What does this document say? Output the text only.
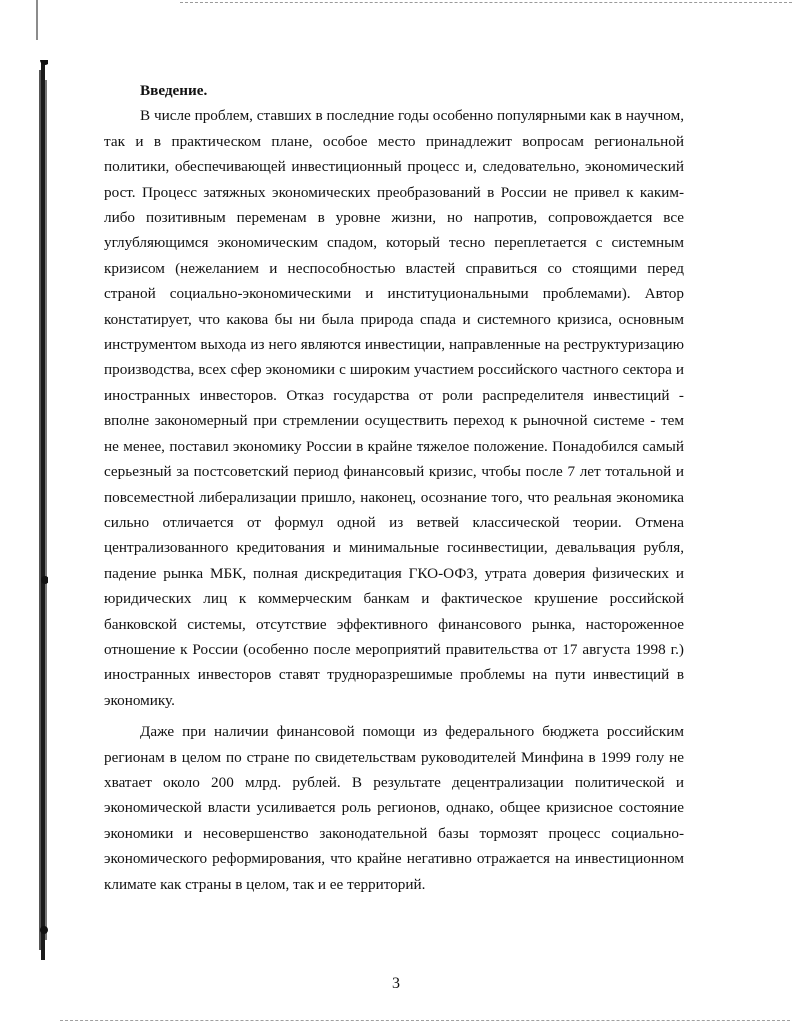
Введение.

В числе проблем, ставших в последние годы особенно популярными как в научном, так и в практическом плане, особое место принадлежит вопросам региональной политики, обеспечивающей инвестиционный процесс и, следовательно, экономический рост. Процесс затяжных экономических преобразований в России не привел к каким-либо позитивным переменам в уровне жизни, но напротив, сопровождается все углубляющимся экономическим спадом, который тесно переплетается с системным кризисом (нежеланием и неспособностью властей справиться со стоящими перед страной социально-экономическими и институциональными проблемами). Автор констатирует, что какова бы ни была природа спада и системного кризиса, основным инструментом выхода из него являются инвестиции, направленные на реструктуризацию производства, всех сфер экономики с широким участием российского частного сектора и иностранных инвесторов. Отказ государства от роли распределителя инвестиций - вполне закономерный при стремлении осуществить переход к рыночной системе - тем не менее, поставил экономику России в крайне тяжелое положение. Понадобился самый серьезный за постсоветский период финансовый кризис, чтобы после 7 лет тотальной и повсеместной либерализации пришло, наконец, осознание того, что реальная экономика сильно отличается от формул одной из ветвей классической теории. Отмена централизованного кредитования и минимальные госинвестиции, девальвация рубля, падение рынка МБК, полная дискредитация ГКО-ОФЗ, утрата доверия физических и юридических лиц к коммерческим банкам и фактическое крушение российской банковской системы, отсутствие эффективного финансового рынка, настороженное отношение к России (особенно после мероприятий правительства от 17 августа 1998 г.) иностранных инвесторов ставят трудноразрешимые проблемы на пути инвестиций в экономику.

Даже при наличии финансовой помощи из федерального бюджета российским регионам в целом по стране по свидетельствам руководителей Минфина в 1999 голу не хватает около 200 млрд. рублей. В результате децентрализации политической и экономической власти усиливается роль регионов, однако, общее кризисное состояние экономики и несовершенство законодательной базы тормозят процесс социально-экономического реформирования, что крайне негативно отражается на инвестиционном климате как страны в целом, так и ее территорий.

3
